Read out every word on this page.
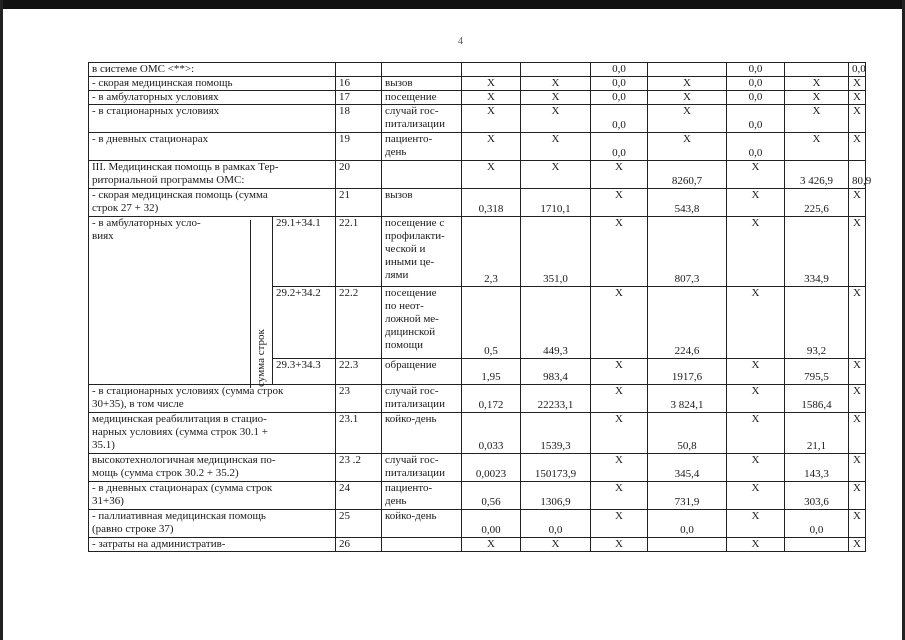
4
в системе ОМС <**>:						0,0		0,0		0,0
- скорая медицинская помощь		16	вызов	Х	Х	0,0	Х	0,0	Х	Х
- в амбулаторных условиях		17	посещение	Х	Х	0,0	Х	0,0	Х	Х
- в стационарных условиях		18	случай гос-
питализации	Х	Х	0,0	Х	0,0	Х	Х
- в дневных стационарах		19	пациенто-
день	Х	Х	0,0	Х	0,0	Х	Х
III. Медицинская помощь в рамках Тер-
риториальной программы ОМС:		20		Х	Х	Х	8260,7	Х	3 426,9	80,9
- скорая медицинская помощь (сумма
строк 27 + 32)		21	вызов	0,318	1710,1	Х	543,8	Х	225,6	Х
- в амбулаторных усло-
виях	29.1+34.1	22.1	посещение с
профилакти-
ческой и
иными це-
лями	2,3	351,0	Х	807,3	Х	334,9	Х
	29.2+34.2	22.2	посещение
по неот-
ложной ме-
дицинской
помощи	0,5	449,3	Х	224,6	Х	93,2	Х
	29.3+34.3	22.3	обращение	1,95	983,4	Х	1917,6	Х	795,5	Х
- в стационарных условиях (сумма строк
30+35), в том числе		23	случай гос-
питализации	0,172	22233,1	Х	3 824,1	Х	1586,4	Х
медицинская реабилитация в стацио-
нарных условиях (сумма строк 30.1 +
35.1)		23.1	койко-день	0,033	1539,3	Х	50,8	Х	21,1	Х
высокотехнологичная медицинская по-
мощь (сумма строк 30.2 + 35.2)		23 .2	случай гос-
питализации	0,0023	150173,9	Х	345,4	Х	143,3	Х
- в дневных стационарах (сумма строк
31+36)		24	пациенто-
день	0,56	1306,9	Х	731,9	Х	303,6	Х
- паллиативная медицинская помощь
(равно строке 37)		25	койко-день	0,00	0,0	Х	0,0	Х	0,0	Х
- затраты на административ-		26		Х	Х	Х		Х		Х
сумма строк
